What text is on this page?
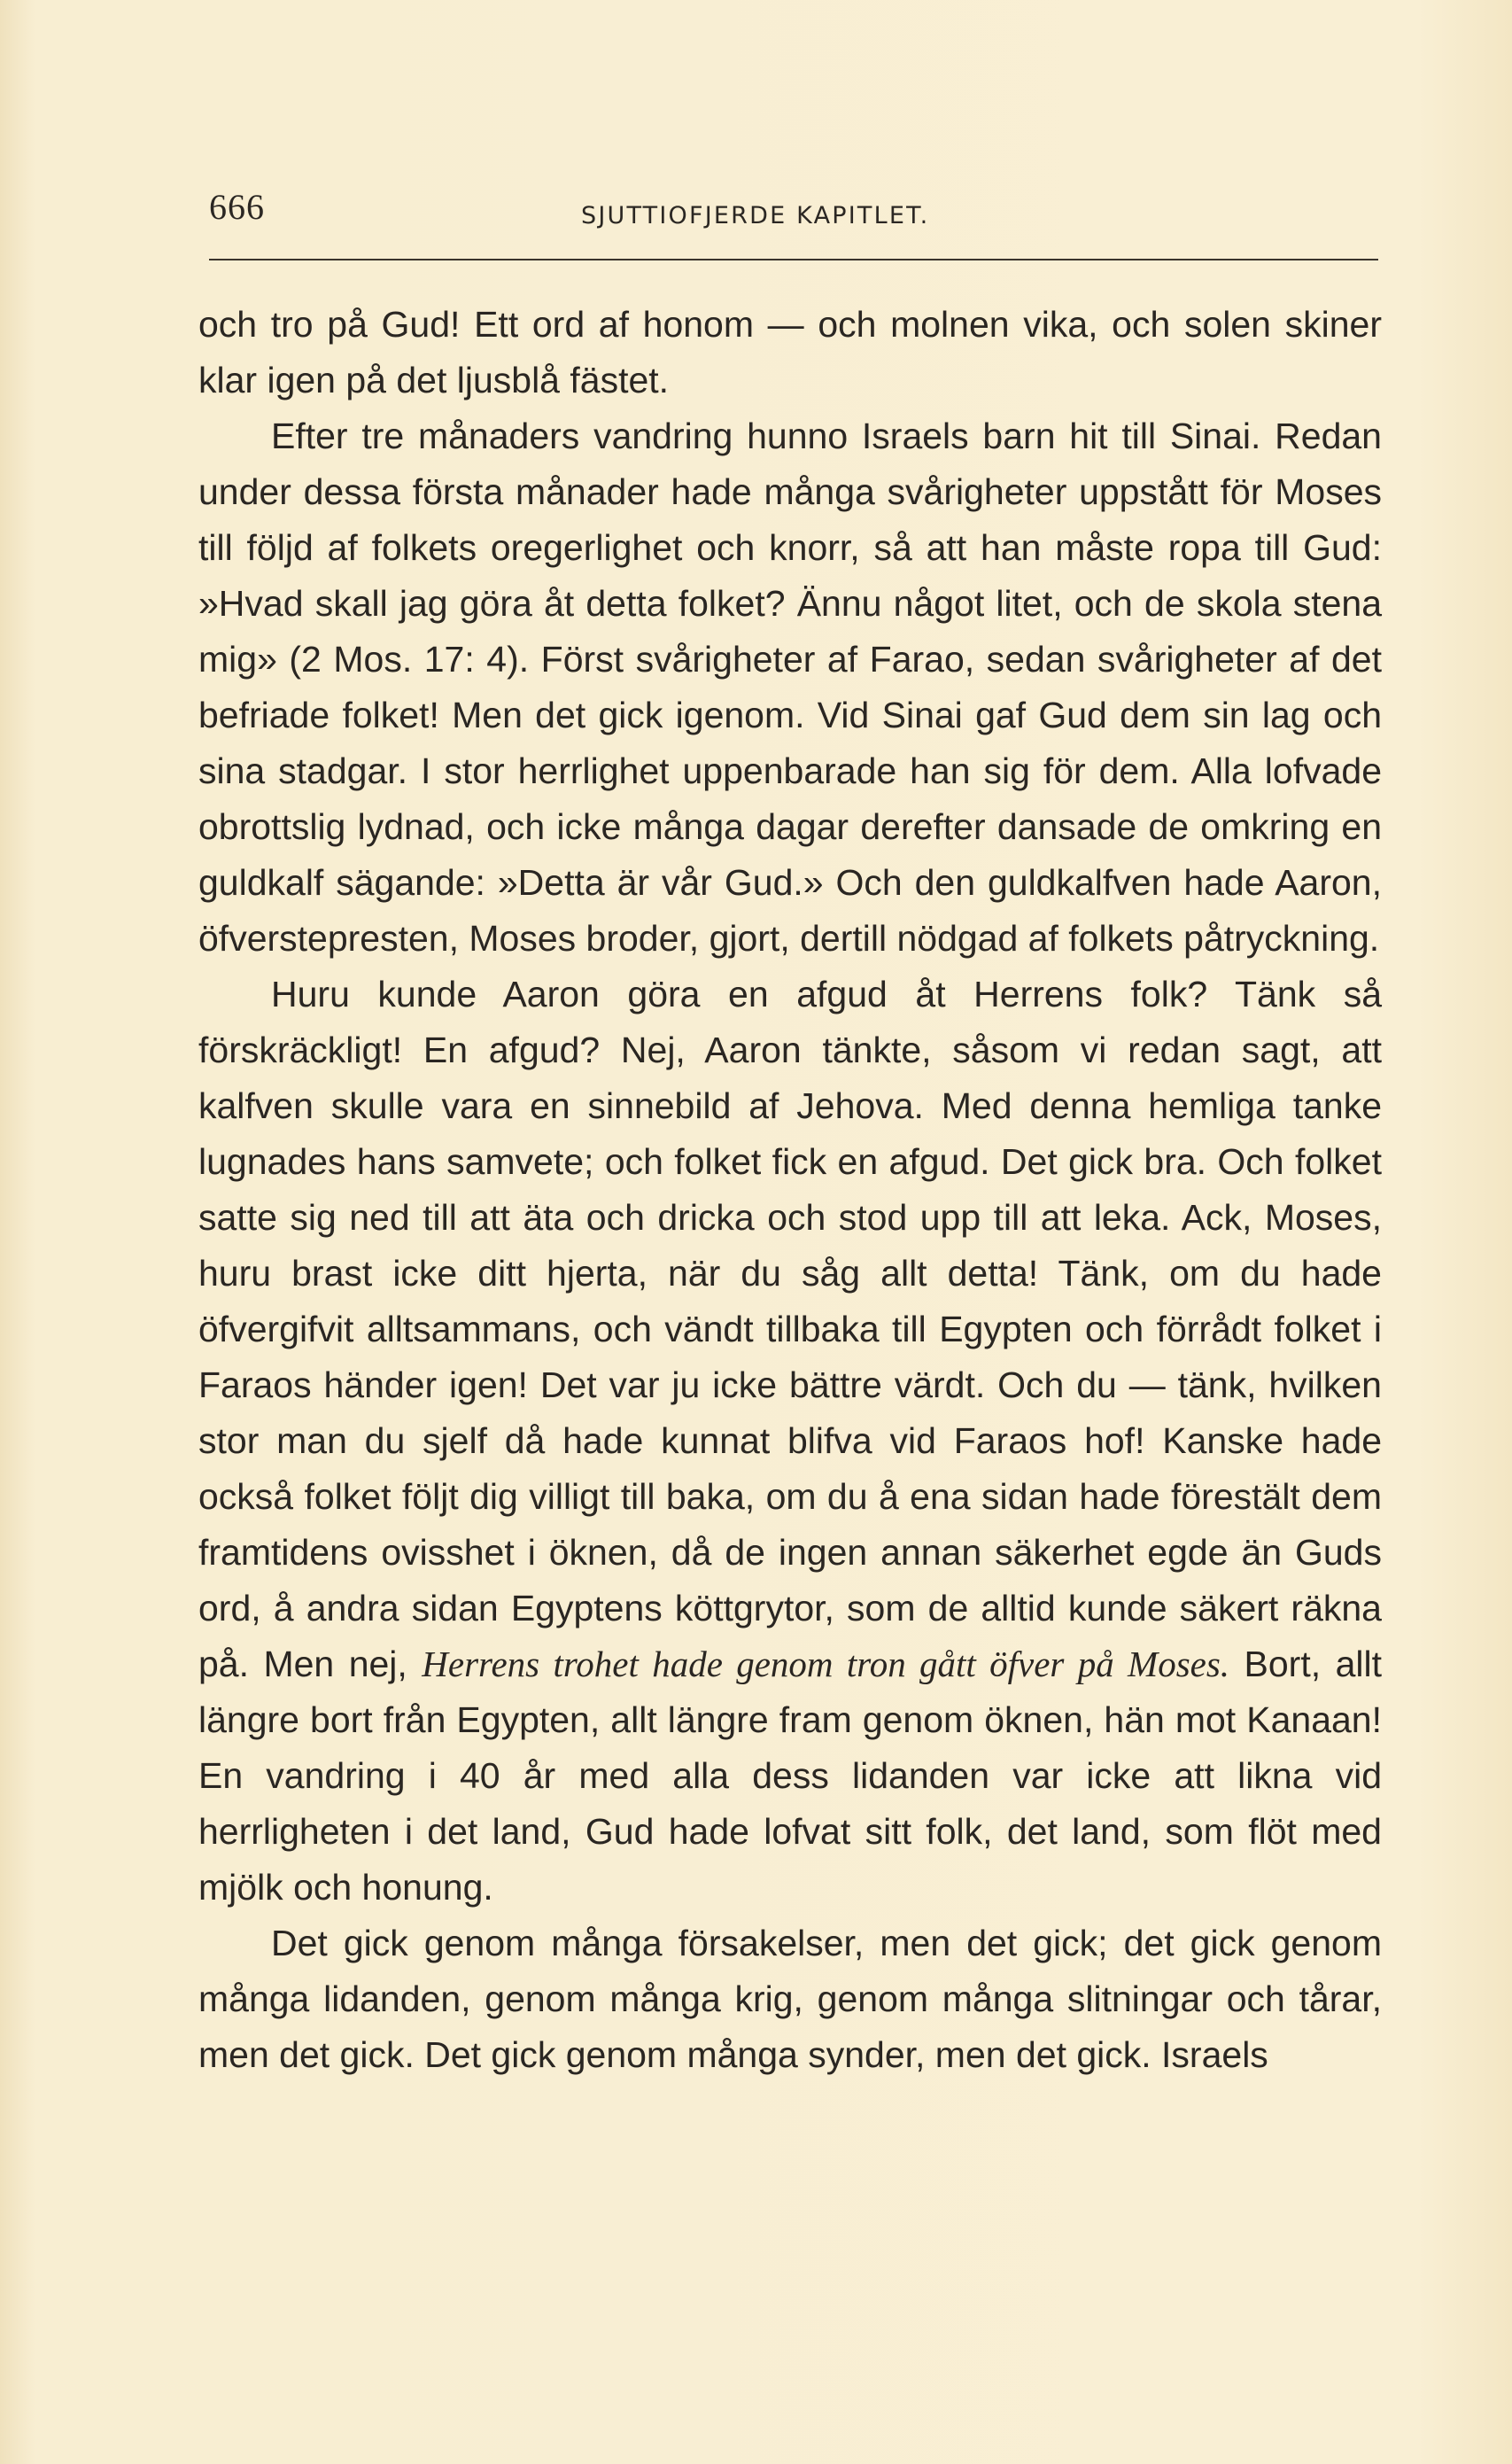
666	SJUTTIOFJERDE KAPITLET.

och tro på Gud! Ett ord af honom — och molnen vika, och solen skiner klar igen på det ljusblå fästet.

Efter tre månaders vandring hunno Israels barn hit till Sinai. Redan under dessa första månader hade många svårigheter uppstått för Moses till följd af folkets oregerlighet och knorr, så att han måste ropa till Gud: »Hvad skall jag göra åt detta folket? Ännu något litet, och de skola stena mig» (2 Mos. 17: 4). Först svårigheter af Farao, sedan svårigheter af det befriade folket! Men det gick igenom. Vid Sinai gaf Gud dem sin lag och sina stadgar. I stor herrlighet uppenbarade han sig för dem. Alla lofvade obrottslig lydnad, och icke många dagar derefter dansade de omkring en guldkalf sägande: »Detta är vår Gud.» Och den guldkalfven hade Aaron, öfverstepresten, Moses broder, gjort, dertill nödgad af folkets påtryckning.

Huru kunde Aaron göra en afgud åt Herrens folk? Tänk så förskräckligt! En afgud? Nej, Aaron tänkte, såsom vi redan sagt, att kalfven skulle vara en sinnebild af Jehova. Med denna hemliga tanke lugnades hans samvete; och folket fick en afgud. Det gick bra. Och folket satte sig ned till att äta och dricka och stod upp till att leka. Ack, Moses, huru brast icke ditt hjerta, när du såg allt detta! Tänk, om du hade öfvergifvit alltsammans, och vändt tillbaka till Egypten och förrådt folket i Faraos händer igen! Det var ju icke bättre värdt. Och du — tänk, hvilken stor man du sjelf då hade kunnat blifva vid Faraos hof! Kanske hade också folket följt dig villigt till baka, om du å ena sidan hade förestält dem framtidens ovisshet i öknen, då de ingen annan säkerhet egde än Guds ord, å andra sidan Egyptens köttgrytor, som de alltid kunde säkert räkna på. Men nej, Herrens trohet hade genom tron gått öfver på Moses. Bort, allt längre bort från Egypten, allt längre fram genom öknen, hän mot Kanaan! En vandring i 40 år med alla dess lidanden var icke att likna vid herrligheten i det land, Gud hade lofvat sitt folk, det land, som flöt med mjölk och honung.

Det gick genom många försakelser, men det gick; det gick genom många lidanden, genom många krig, genom många slitningar och tårar, men det gick. Det gick genom många synder, men det gick. Israels
